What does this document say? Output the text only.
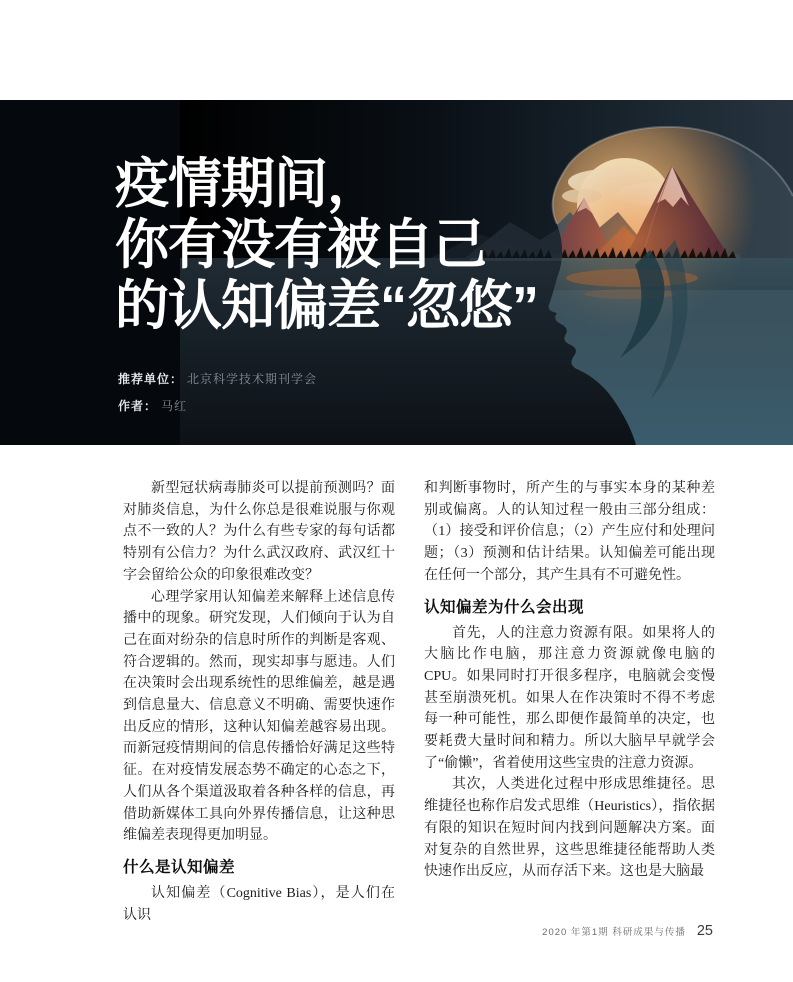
疫情期间，
你有没有被自己
的认知偏差“忽悠”

推荐单位： 北京科学技术期刊学会

作者： 马红

新型冠状病毒肺炎可以提前预测吗？面对肺炎信息，为什么你总是很难说服与你观点不一致的人？为什么有些专家的每句话都特别有公信力？为什么武汉政府、武汉红十字会留给公众的印象很难改变？

心理学家用认知偏差来解释上述信息传播中的现象。研究发现，人们倾向于认为自己在面对纷杂的信息时所作的判断是客观、符合逻辑的。然而，现实却事与愿违。人们在决策时会出现系统性的思维偏差，越是遇到信息量大、信息意义不明确、需要快速作出反应的情形，这种认知偏差越容易出现。而新冠疫情期间的信息传播恰好满足这些特征。在对疫情发展态势不确定的心态之下，人们从各个渠道汲取着各种各样的信息，再借助新媒体工具向外界传播信息，让这种思维偏差表现得更加明显。

什么是认知偏差

认知偏差（Cognitive Bias），是人们在认识

和判断事物时，所产生的与事实本身的某种差别或偏离。人的认知过程一般由三部分组成：（1）接受和评价信息；（2）产生应付和处理问题；（3）预测和估计结果。认知偏差可能出现在任何一个部分，其产生具有不可避免性。

认知偏差为什么会出现

首先，人的注意力资源有限。如果将人的大脑比作电脑，那注意力资源就像电脑的CPU。如果同时打开很多程序，电脑就会变慢甚至崩溃死机。如果人在作决策时不得不考虑每一种可能性，那么即便作最简单的决定，也要耗费大量时间和精力。所以大脑早早就学会了“偷懒”，省着使用这些宝贵的注意力资源。

其次，人类进化过程中形成思维捷径。思维捷径也称作启发式思维（Heuristics），指依据有限的知识在短时间内找到问题解决方案。面对复杂的自然世界，这些思维捷径能帮助人类快速作出反应，从而存活下来。这也是大脑最

2020 年第1期 科研成果与传播 25
